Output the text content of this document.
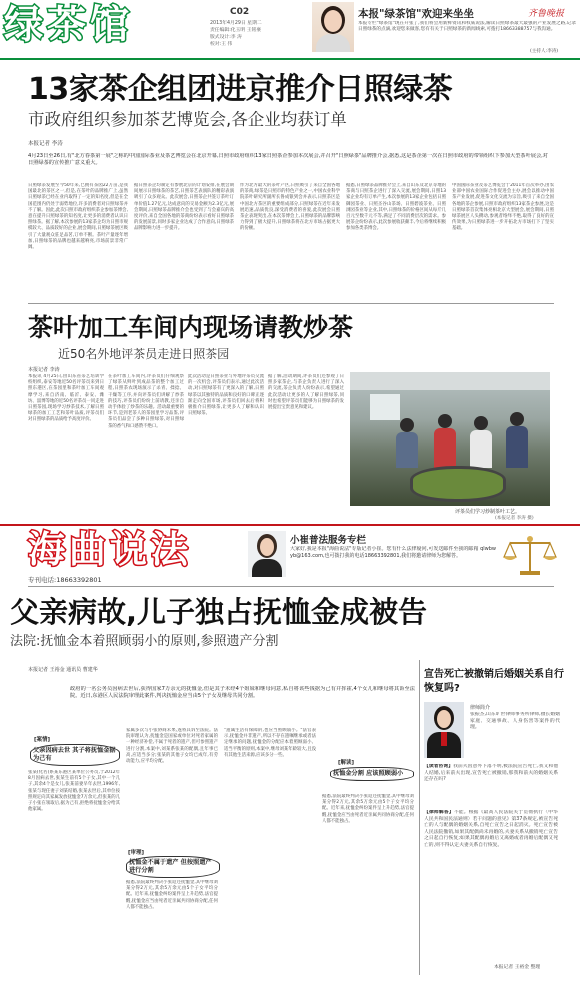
绿茶馆	C02
2013年4月29日 星期二
责任编辑:化玉明 王铭豪
版式设计:李 涛
校对:王 伟
本报"绿茶馆"欢迎来坐坐	齐鲁晚报
本报专栏"绿茶馆"现在开张了,我们将会用新鲜资讯和权威说法,解读日照绿茶最大最强的产业发展之路,记录日照绿茶的点滴,欢迎您来做客,您有有关于日照绿茶的新闻线索,可拨打18663388757与我沟通。
(主持人:李涛)
13家茶企组团进京推介日照绿茶
市政府组织参加茶艺博览会,各企业均获订单
本报记者 李涛
4月23日至26日,有"北方春茶第一展"之称的中国国际茶业及茶艺博览会在北京开幕,日照市政府组织13家日照茶企参加本次展会,并召开"日照绿茶"品牌推介会,据悉,这是茶企第一次在日照市政府的带领组织下参加大型茶叶展会,对日照绿茶的宣传推广意义重大。
日照绿茶发展至今50年来,已拥有茶园22万亩,是我国最北的茶区之一,但是,在茶叶的品牌推广上,虽然日照绿茶已经在业内取得了一定的知名度,但是在全国范围内仍处于弱势地位,许多消费者对日照绿茶并不了解。因此,此次日照市政府组织茶企参加茶博会,意在提升日照绿茶的知名度,让更多的消费者认识日照绿茶。据了解,本次参展的13家茶企均为日照市规模较大、品质较好的企业,展会期间,日照绿茶展区吸引了大量观众驻足品茗,订单不断。茶叶产量逐年增加,日照绿茶的品牌也越来越响亮,市场前景非常广阔。
据日照茶企均制定有参展北京的计划安排,在展会期间展示日照绿茶的茶艺,日照茶艺表演队的精彩表演吸引了众多观众。此次展会,日照茶企共签订茶叶订单价值1.27亿元,达成意向的交易金额为2.3亿元,展会期间,日照绿茶品牌推介会也受到了与会嘉宾的高度评价,来自全国各地的茶商纷纷表示看好日照绿茶的发展前景,同时多家企业达成了合作意向,日照绿茶品牌影响力进一步提升。
作为北方最大的茶叶产区,日照吸引了来自全国各地的茶商,绿茶是日照市的特色产业之一,中国农业科学院茶叶研究所副所长鲁成银到会并表示,日照茶区是中国北方茶区的重要组成部分,日照绿茶在近年来发展迅速,品质优良,深受消费者的喜爱,此次展会日照茶企表现突出,在本次茶博会上,日照绿茶的品牌影响力得到了极大提升,日照绿茶将在北方市场占据更大的份额。
据悉,日照绿茶品牌推介会上,来自山东及北京等地的茶商与日照茶企进行了深入交流,展会期间,日照13家企业均有订单产生,本次参展的13家企业包括日照御园茶业、日照圣谷山茶场、日照碧波茶业、日照浏园茶业等企业,其中,日照绿茶的价格区间从每斤几百元至数千元不等,满足了不同消费层次的需求。参展茶企纷纷表示,此次参展收获颇丰,今后将继续积极参加各类茶博会。
中国国际茶业及茶艺博览会于2011年首次举办,由农业部中国农业国际合作促进会主办,展会以推动中国茶产业发展,促进茶文化交流为宗旨,吸引了来自全国各地的茶企参展,日照市政府组织13家茶企参展,这是日照绿茶首次集体亮相北京大型展会,展会期间,日照绿茶展区人头攒动,参观者络绎不绝,取得了良好的宣传效果,为日照绿茶进一步开拓北方市场打下了坚实基础。
茶叶加工车间内现场请教炒茶
近50名外地评茶员走进日照茶园
本报记者 李涛
本报讯 4月25日,由山东省茶艺培训学校组织,泰安等地近50名评茶员来到日照东港区,在茶园里和茶叶加工车间观摩学习,来自济南、临沂、泰安、潍坊、淄博等地的近50名评茶员一同走进日照茶园,现场学习炒茶技术,了解日照绿茶的加工工艺和茶叶品质,评茶员们对日照绿茶的品质给予高度评价。
在茶叶加工车间内,评茶员们仔细观察了绿茶从鲜叶到成品茶的整个加工过程,日照茶农现场演示了杀青、揉捻、干燥等工序,并向评茶员们讲解了炒茶的技巧,评茶员们纷纷上前请教,还亲自动手体验了炒茶的乐趣。活动最重要的环节,是到老茶人的茶园里学习品鉴,评茶员们品尝了多种日照绿茶,对日照绿茶的香气和口感赞不绝口。
此次活动是日照茶业与外地评茶员交流的一次机会,评茶员们表示,通过此次活动,对日照绿茶有了更深入的了解,日照绿茶以其独特的品质和良好的口碑正逐渐走向全国市场,评茶员们回去后将积极推介日照绿茶,让更多人了解和认识日照绿茶。
据了解,活动期间,评茶员们还参观了日照多家茶企,与茶企负责人进行了深入的交流,茶企负责人纷纷表示,希望通过此次活动让更多的人了解日照绿茶,同时也希望评茶员们能够为日照绿茶的发展提出宝贵意见和建议。
评茶员们学习炒制茶叶工艺。
(本报记者 李涛 摄)
海曲说法
专刊电话:18663392801
小崔普法服务专栏
大家好,我是本报"海曲说法"专版记者小崔。您有什么法律疑问,可发送邮件至我的邮箱 qlwbwyb@163.com,也可拨打我的电话18663392801,我们将邀请律师为您解答。
父亲病故,儿子独占抚恤金成被告
法院:抚恤金本着照顾弱小的原则,参照遗产分割
本报记者 王裕金 通讯员 曹建华
政府的一名公务员因病去世后,获得国家7万余元的抚恤金,但是其子未经4个姐妹和继母同意,私自将该些钱据为己有并挥霍,4个女儿和继母将其诉至法院。近日,东港区人民法院审理此案件,判决抚恤金应当由5个子女及继母共同分割。
[案情]
父亲因病去世 其子将抚恤金据为己有
张某(化名)系某东港区某单位公务员,于2012年8月因病去世,张某生前有5个子女,其中一个儿子,其余4个是女儿,张某前妻早年去世,1996年,张某与现任妻子刘某结婚,张某去世后,其单位按照规定向其家属发放抚恤金7万余元,但张某的儿子小张在领取后,据为己有,拒绝将抚恤金分给其他家属。
家属多次与小张协商未果,遂将其诉至法院。法院审理认为,抚恤金是国家或单位对死者家属的一种经济补偿,不属于死者的遗产,但可参照遗产进行分割,本案中,刘某系张某的配偶,且年事已高,应适当多分;张某的其他子女均已成年,有劳动能力,应平均分配。
[审理]
抚恤金不属于遗产 但按照遗产进行分割
据悉,法院最终判决小张返还抚恤金,其中继母刘某分得2万元,其余5万余元由5个子女平均分配。近年来,抚恤金纠纷案件呈上升趋势,法官提醒,抚恤金应当由死者近亲属共同协商分配,任何人都不能独占。
"遗属生活有保障的,也应当照顾弱小。"法官表示,抚恤金并非遗产,所以不存在遗嘱继承或者法定继承的问题,抚恤金的分配应本着照顾弱小、适当平衡的原则,本案中,继母刘某年龄较大,且没有其他生活来源,应该多分一些。
[解读]
抚恤金分割 应该照顾弱小
据悉,法院最终判决小张返还抚恤金,其中继母刘某分得2万元,其余5万余元由5个子女平均分配。近年来,抚恤金纠纷案件呈上升趋势,法官提醒,抚恤金应当由死者近亲属共同协商分配,任何人都不能独占。
宣告死亡被撤销后婚姻关系自行恢复吗?
律师简介
张振杰,山东旷世律师事务所律师,擅长婚姻家庭、交通事故、人身伤害等案件的代理。
【读者咨询】我前夫因意外下落不明,被法院宣告死亡,我又和他人结婚,后来前夫出现,宣告死亡被撤销,那我和前夫的婚姻关系还存在吗?
【律师解答】不能。根据《最高人民法院关于贯彻执行〈中华人民共和国民法通则〉若干问题的意见》第37条规定,被宣告死亡的人与配偶的婚姻关系,自死亡宣告之日起消灭。死亡宣告被人民法院撤销,如果其配偶尚未再婚的,夫妻关系从撤销死亡宣告之日起自行恢复;如果其配偶再婚后又离婚或者再婚后配偶又死亡的,则不得认定夫妻关系自行恢复。
本报记者 王裕金 整理
